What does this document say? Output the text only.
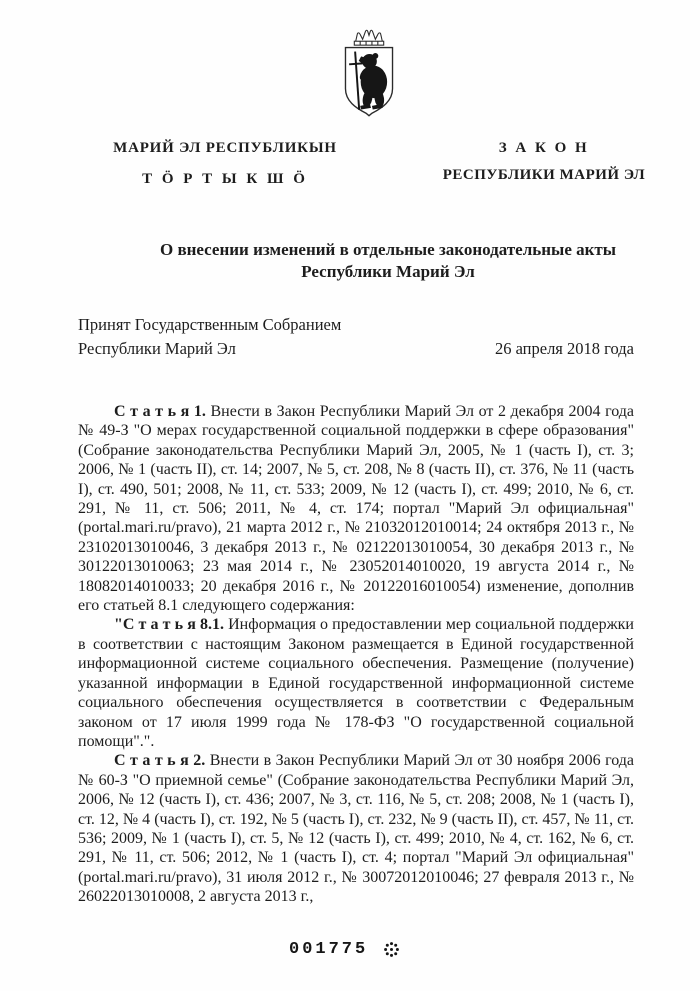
МАРИЙ ЭЛ РЕСПУБЛИКЫН
Т Ӧ Р Т Ы К Ш Ӧ
З А К О Н
РЕСПУБЛИКИ МАРИЙ ЭЛ
О внесении изменений в отдельные законодательные акты Республики Марий Эл
Принят Государственным Собранием
Республики Марий Эл	26 апреля 2018 года

С т а т ь я 1. Внести в Закон Республики Марий Эл от 2 декабря 2004 года № 49-З "О мерах государственной социальной поддержки в сфере образования" (Собрание законодательства Республики Марий Эл, 2005, № 1 (часть I), ст. 3; 2006, № 1 (часть II), ст. 14; 2007, № 5, ст. 208, № 8 (часть II), ст. 376, № 11 (часть I), ст. 490, 501; 2008, № 11, ст. 533; 2009, № 12 (часть I), ст. 499; 2010, № 6, ст. 291, № 11, ст. 506; 2011, № 4, ст. 174; портал "Марий Эл официальная" (portal.mari.ru/pravo), 21 марта 2012 г., № 21032012010014; 24 октября 2013 г., № 23102013010046, 3 декабря 2013 г., № 02122013010054, 30 декабря 2013 г., № 30122013010063; 23 мая 2014 г., № 23052014010020, 19 августа 2014 г., № 18082014010033; 20 декабря 2016 г., № 20122016010054) изменение, дополнив его статьей 8.1 следующего содержания:

"С т а т ь я 8.1. Информация о предоставлении мер социальной поддержки в соответствии с настоящим Законом размещается в Единой государственной информационной системе социального обеспечения. Размещение (получение) указанной информации в Единой государственной информационной системе социального обеспечения осуществляется в соответствии с Федеральным законом от 17 июля 1999 года № 178-ФЗ "О государственной социальной помощи".".

С т а т ь я 2. Внести в Закон Республики Марий Эл от 30 ноября 2006 года № 60-З "О приемной семье" (Собрание законодательства Республики Марий Эл, 2006, № 12 (часть I), ст. 436; 2007, № 3, ст. 116, № 5, ст. 208; 2008, № 1 (часть I), ст. 12, № 4 (часть I), ст. 192, № 5 (часть I), ст. 232, № 9 (часть II), ст. 457, № 11, ст. 536; 2009, № 1 (часть I), ст. 5, № 12 (часть I), ст. 499; 2010, № 4, ст. 162, № 6, ст. 291, № 11, ст. 506; 2012, № 1 (часть I), ст. 4; портал "Марий Эл официальная" (portal.mari.ru/pravo), 31 июля 2012 г., № 30072012010046; 27 февраля 2013 г., № 26022013010008, 2 августа 2013 г.,

001775
